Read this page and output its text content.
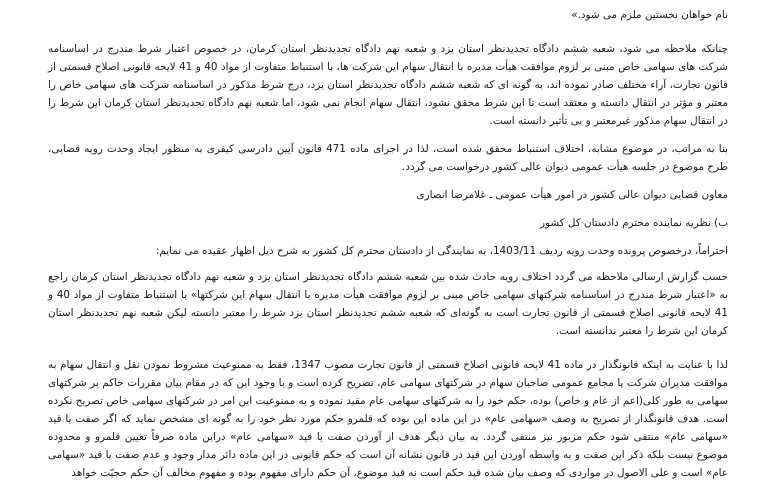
نام خواهان نخستین ملزم می شود.»

چنانکه ملاحظه می شود، شعبه ششم دادگاه تجدیدنظر استان یزد و شعبه نهم دادگاه تجدیدنظر استان کرمان، در خصوص اعتبار شرط مندرج در اساسنامه شرکت های سهامی خاص مبنی بر لزوم موافقت هیأت مدیره با انتقال سهام این شرکت ها، با استنباط متفاوت از مواد 40 و 41 لایحه قانونی اصلاح قسمتی از قانون تجارت، آراء مختلف صادر نموده اند، به گونه ای که شعبه ششم دادگاه تجدیدنظر استان یزد، درج شرط مذکور در اساسنامه شرکت های سهامی خاص را معتبر و مؤثر در انتقال دانسته و معتقد است تا این شرط محقق نشود، انتقال سهام انجام نمی شود، اما شعبه نهم دادگاه تجدیدنظر استان کرمان این شرط را در انتقال سهام مذکور غیرمعتبر و بی تأثیر دانسته است.

بنا به مراتب، در موضوع مشابه، اختلاف استنباط محقق شده است، لذا در اجرای ماده 471 قانون آیین دادرسی کیفری به منظور ایجاد وحدت رویه قضایی، طرح موضوع در جلسه هیأت عمومی دیوان عالی کشور درخواست می گردد.

معاون قضایی دیوان عالی کشور در امور هیأت عمومی ـ غلامرضا انصاری

ب) نظریه نماینده محترم دادستان کل کشور

احتراماً، درخصوص پرونده وحدت رویه ردیف 1403/11، به نمایندگی از دادستان محترم کل کشور به شرح ذیل اظهار عقیده می نمایم:

حسب گزارش ارسالی ملاحظه می گردد اختلاف رویه حادث شده بین شعبه ششم دادگاه تجدیدنظر استان یزد و شعبه نهم دادگاه تجدیدنظر استان کرمان راجع به «اعتبار شرط مندرج در اساسنامه شرکتهای سهامی خاص مبنی بر لزوم موافقت هیأت مدیره با انتقال سهام این شرکتها» با استنباط متفاوت از مواد 40 و 41 لایحه قانونی اصلاح قسمتی از قانون تجارت است به گونه‌ای که شعبه ششم تجدیدنظر استان یزد شرط را معتبر دانسته لیکن شعبه نهم تجدیدنظر استان کرمان این شرط را معتبر ندانسته است.

لذا با عنایت به اینکه قانونگذار در ماده 41 لایحه قانونی اصلاح قسمتی از قانون تجارت مصوب 1347، فقط به ممنوعیت مشروط نمودن نقل و انتقال سهام به موافقت مدیران شرکت یا مجامع عمومی صاحبان سهام در شرکتهای سهامی عام، تصریح کرده است و با وجود این که در مقام بیان مقررات حاکم بر شرکتهای سهامی به طور کلی(اعم از عام و خاص) بوده، حکم خود را به شرکتهای سهامی عام مقید نموده و به ممنوعیت این امر در شرکتهای سهامی خاص تصریح نکرده است. هدف قانونگذار از تصریح به وصف «سهامی عام» در این ماده این بوده که قلمرو حکم مورد نظر خود را به گونه ای مشخص نماید که اگر صفت یا قید «سهامی عام» منتفی شود حکم مزبور نیز منتفی گردد. به بیان دیگر هدف از آوردن صفت یا قید «سهامی عام» دراین ماده صرفاً تعیین قلمرو و محدوده موضوع نیست بلکه ذکر این صفت و به واسطه آوردن این قید در قانون نشانه آن است که حکم قانونی در این ماده دائر مدار وجود و عدم صفت یا قید «سهامی عام» است و علی الاصول در مواردی که وصف بیان شده قید حکم است نه قید موضوع، آن حکم دارای مفهوم بوده و مفهوم مخالف آن حکم حجیّت خواهد
